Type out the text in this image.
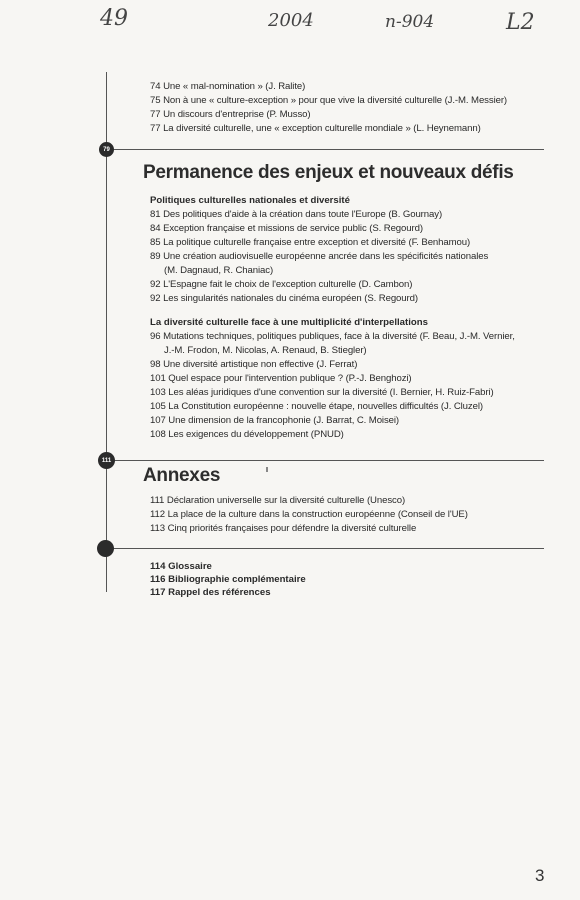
49	2004	n-904	L2
79
111
74 Une « mal-nomination » (J. Ralite)
75 Non à une « culture-exception » pour que vive la diversité culturelle (J.-M. Messier)
77 Un discours d'entreprise (P. Musso)
77 La diversité culturelle, une « exception culturelle mondiale » (L. Heynemann)
Permanence des enjeux et nouveaux défis
Politiques culturelles nationales et diversité
81 Des politiques d'aide à la création dans toute l'Europe (B. Gournay)
84 Exception française et missions de service public (S. Regourd)
85 La politique culturelle française entre exception et diversité (F. Benhamou)
89 Une création audiovisuelle européenne ancrée dans les spécificités nationales
(M. Dagnaud, R. Chaniac)
92 L'Espagne fait le choix de l'exception culturelle (D. Cambon)
92 Les singularités nationales du cinéma européen (S. Regourd)
La diversité culturelle face à une multiplicité d'interpellations
96 Mutations techniques, politiques publiques, face à la diversité (F. Beau, J.-M. Vernier,
J.-M. Frodon, M. Nicolas, A. Renaud, B. Stiegler)
98 Une diversité artistique non effective (J. Ferrat)
101 Quel espace pour l'intervention publique ? (P.-J. Benghozi)
103 Les aléas juridiques d'une convention sur la diversité (I. Bernier, H. Ruiz-Fabri)
105 La Constitution européenne : nouvelle étape, nouvelles difficultés (J. Cluzel)
107 Une dimension de la francophonie (J. Barrat, C. Moisei)
108 Les exigences du développement (PNUD)
Annexes
111 Déclaration universelle sur la diversité culturelle (Unesco)
112 La place de la culture dans la construction européenne (Conseil de l'UE)
113 Cinq priorités françaises pour défendre la diversité culturelle
114 Glossaire
116 Bibliographie complémentaire
117 Rappel des références
3
